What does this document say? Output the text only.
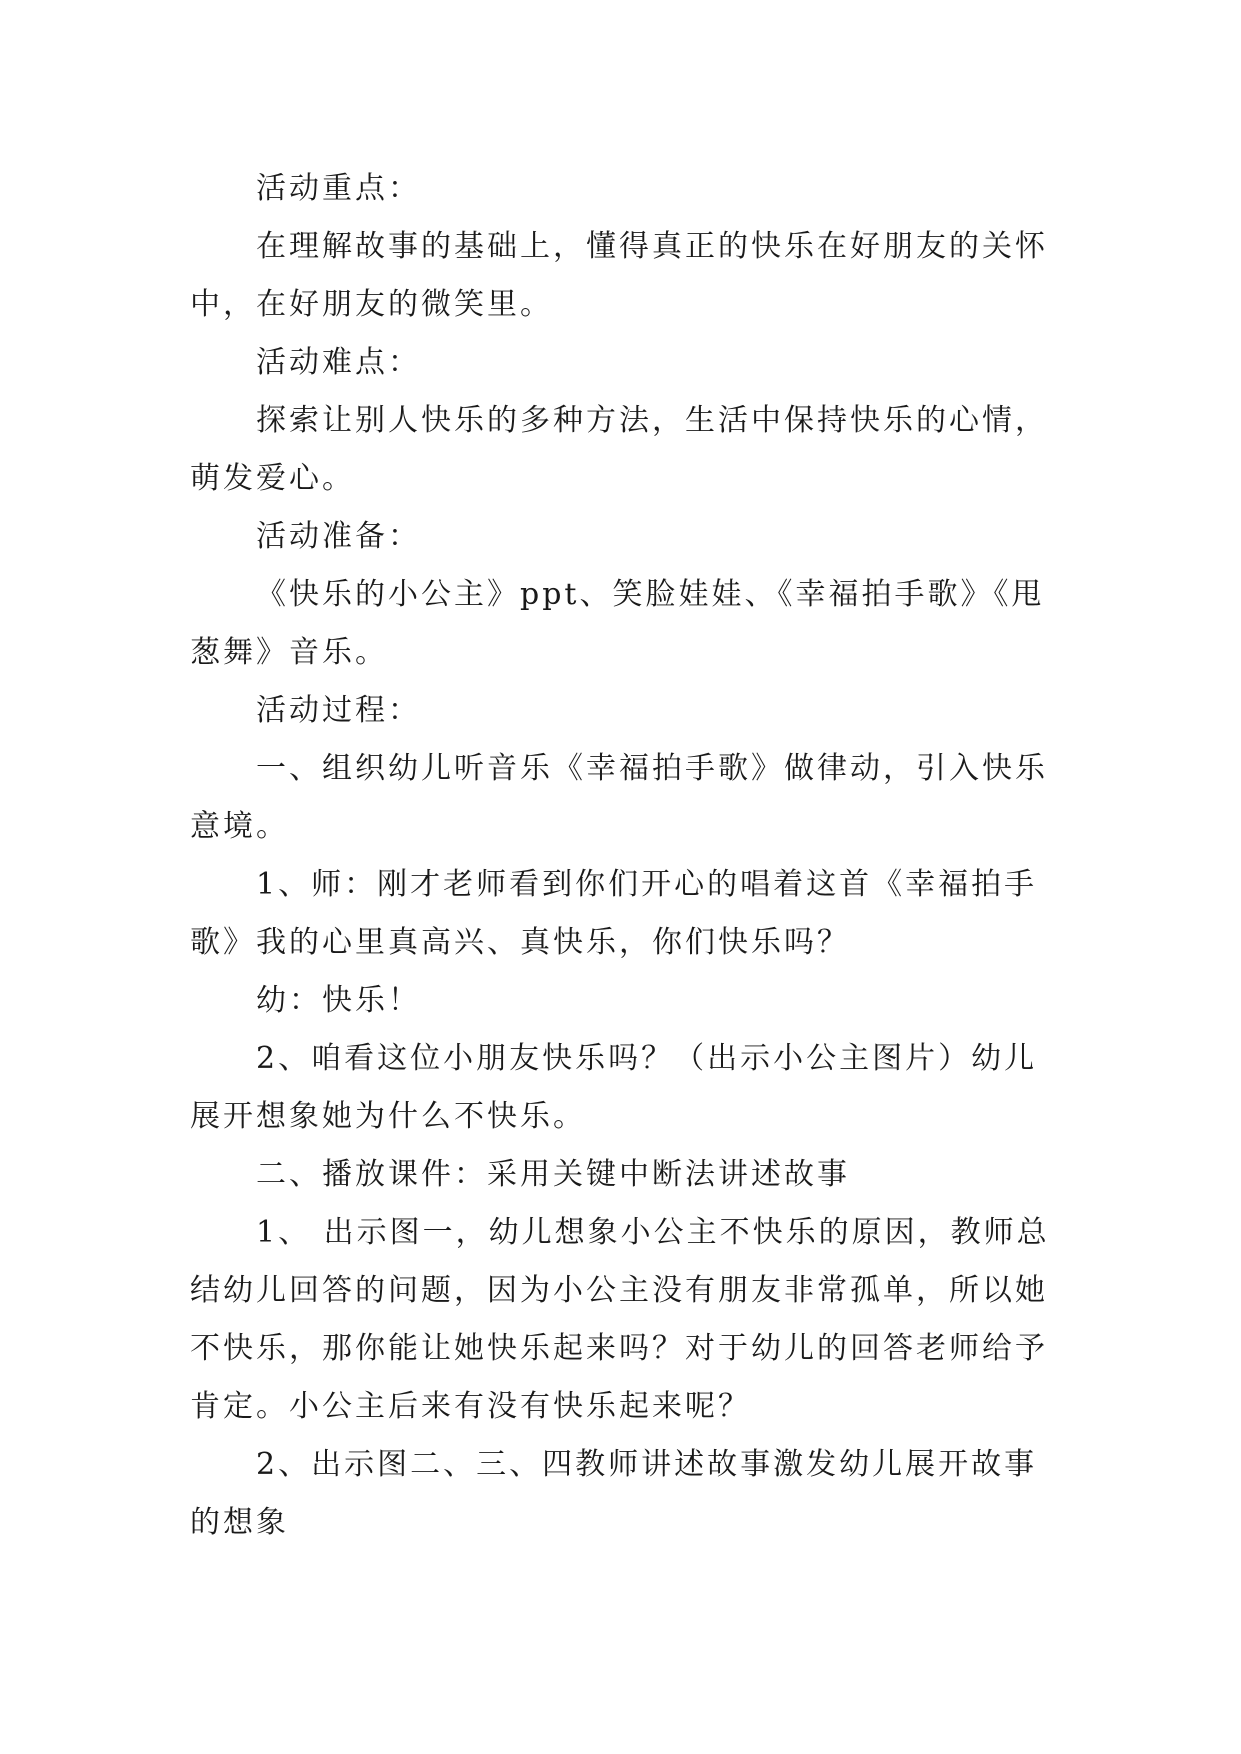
活动重点：

在理解故事的基础上，懂得真正的快乐在好朋友的关怀中，在好朋友的微笑里。

活动难点：

探索让别人快乐的多种方法，生活中保持快乐的心情，萌发爱心。

活动准备：

《快乐的小公主》ppt、笑脸娃娃、《幸福拍手歌》《甩葱舞》音乐。

活动过程：

一、组织幼儿听音乐《幸福拍手歌》做律动，引入快乐意境。

1、师：刚才老师看到你们开心的唱着这首《幸福拍手歌》我的心里真高兴、真快乐，你们快乐吗？

幼：快乐！

2、咱看这位小朋友快乐吗？（出示小公主图片）幼儿展开想象她为什么不快乐。

二、播放课件：采用关键中断法讲述故事

1、 出示图一，幼儿想象小公主不快乐的原因，教师总结幼儿回答的问题，因为小公主没有朋友非常孤单，所以她不快乐，那你能让她快乐起来吗？对于幼儿的回答老师给予肯定。小公主后来有没有快乐起来呢？

2、出示图二、三、四教师讲述故事激发幼儿展开故事的想象
